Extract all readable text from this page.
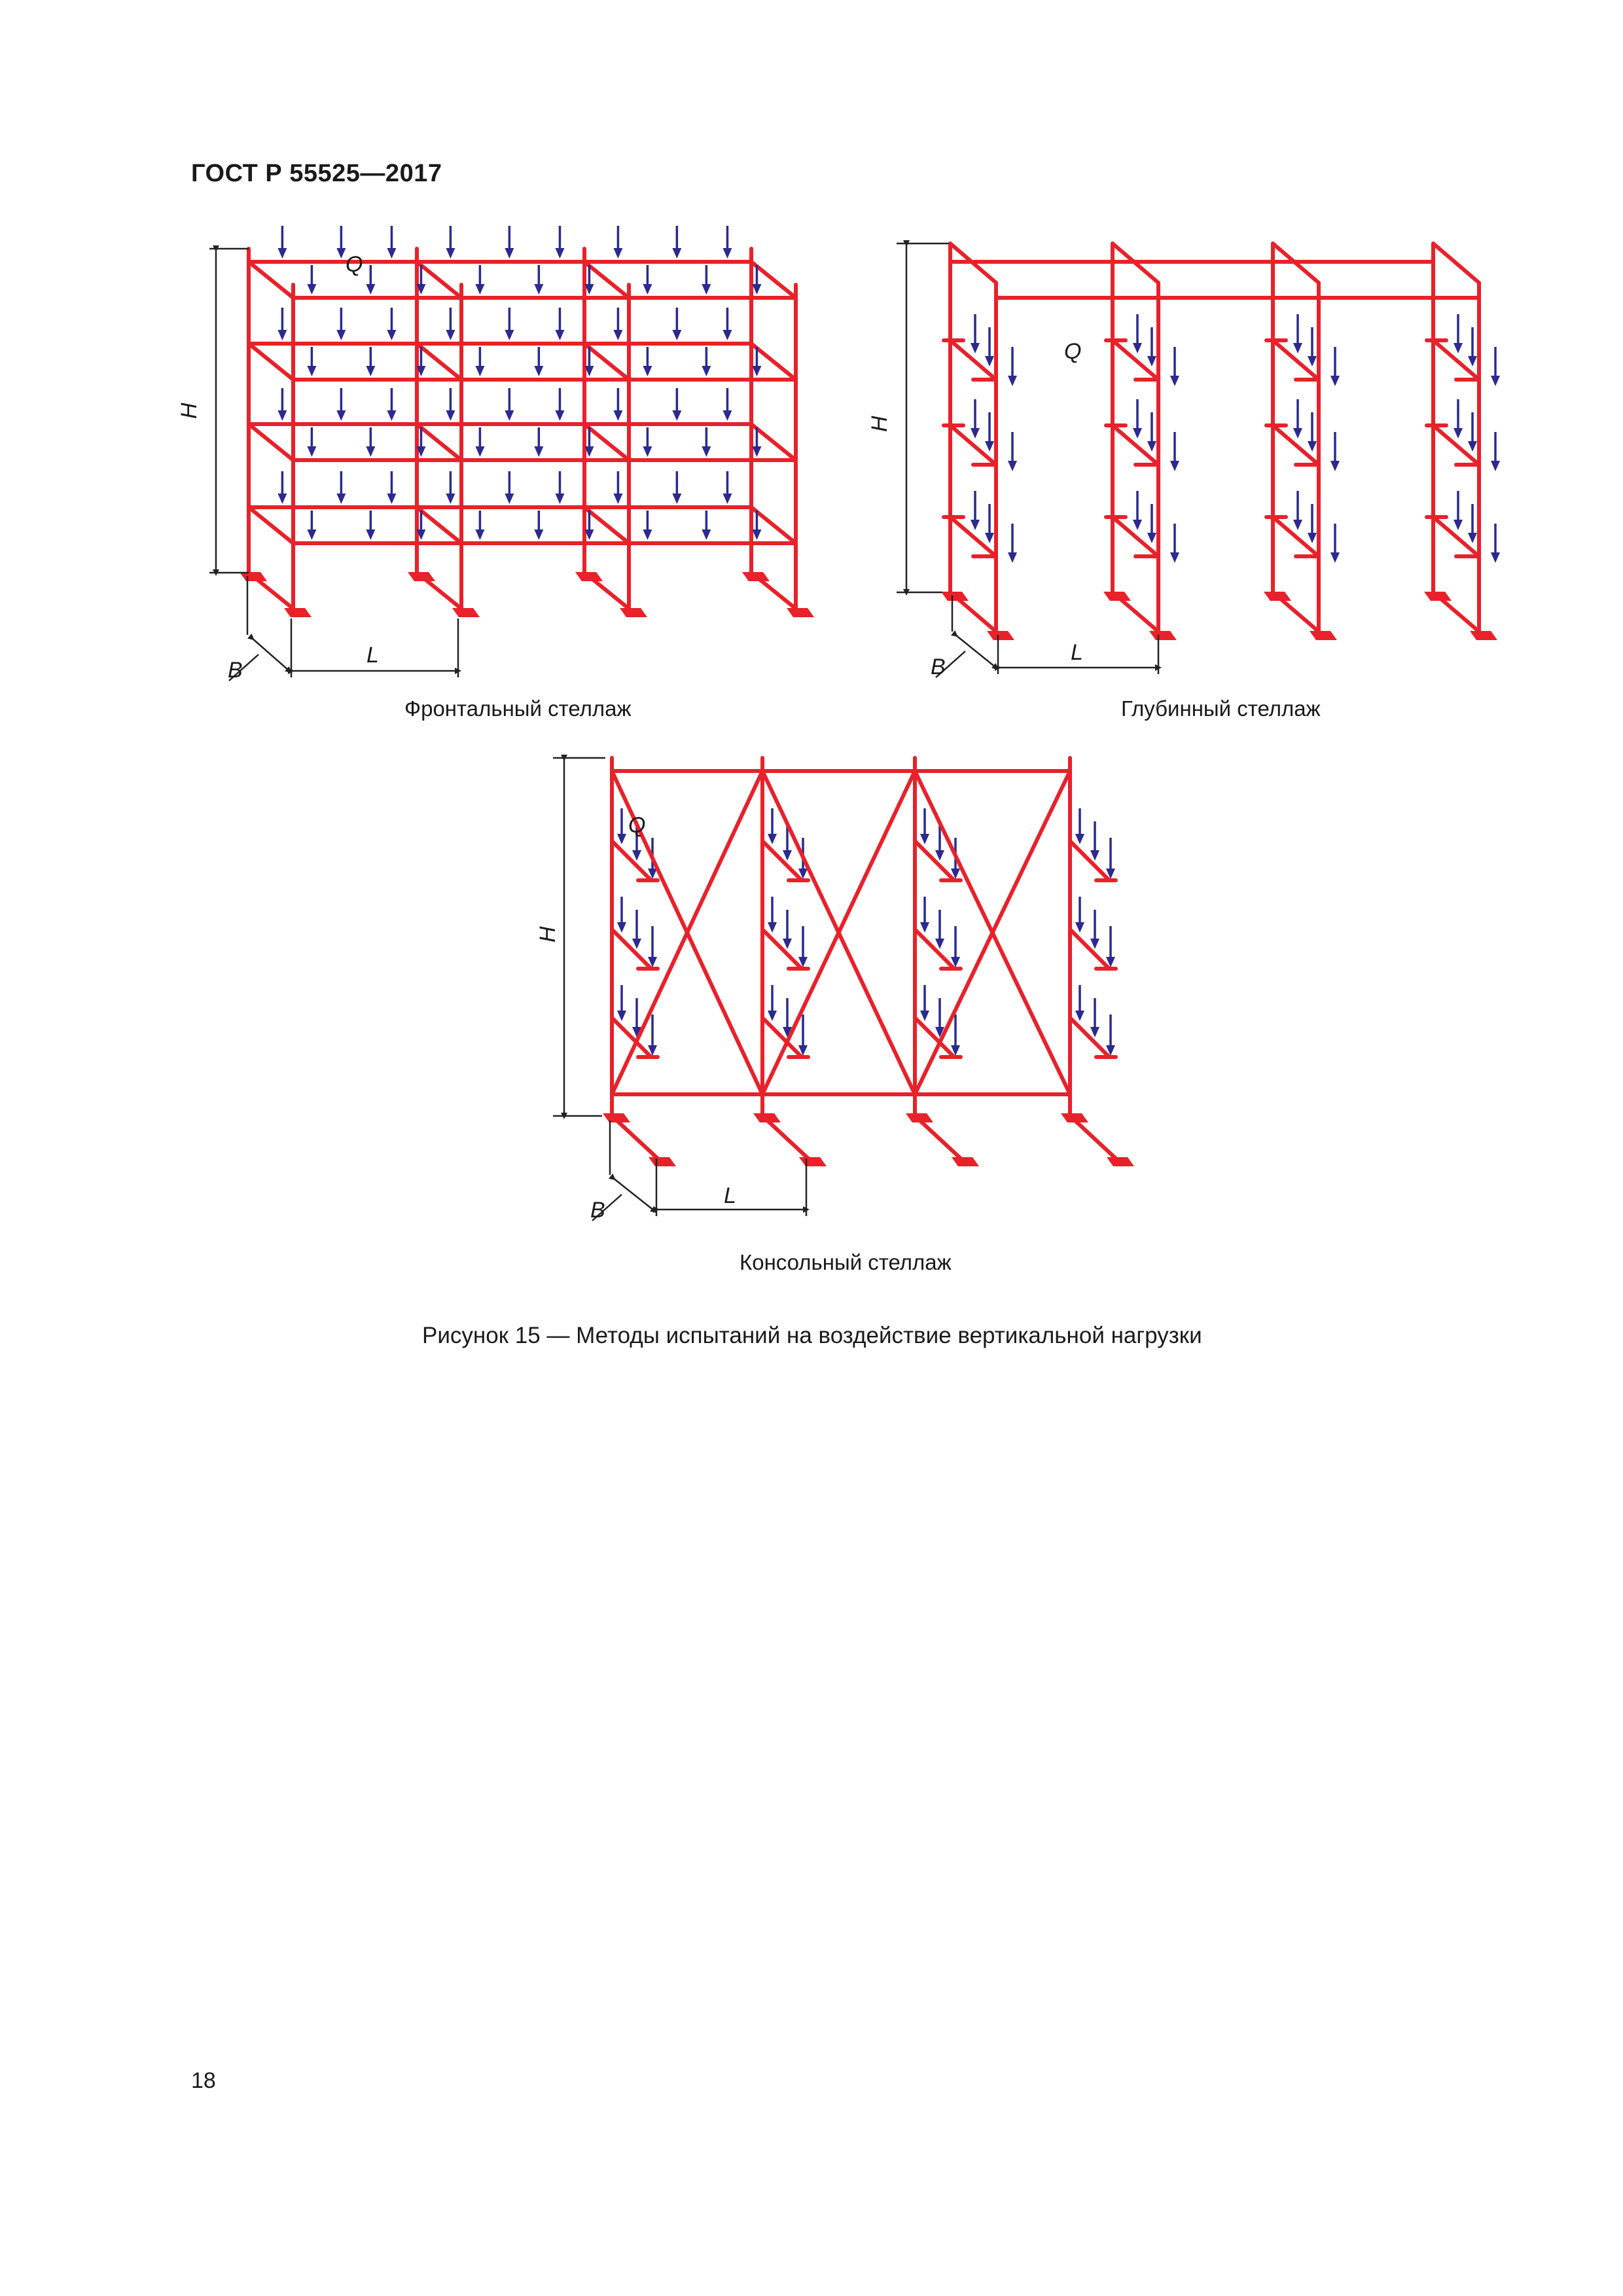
ГОСТ Р 55525—2017
H
Q
L
B
Фронтальный стеллаж
H
Q
L
B
Глубинный стеллаж
H
Q
L
B
Консольный стеллаж
Рисунок 15 — Методы испытаний на воздействие вертикальной нагрузки
18
